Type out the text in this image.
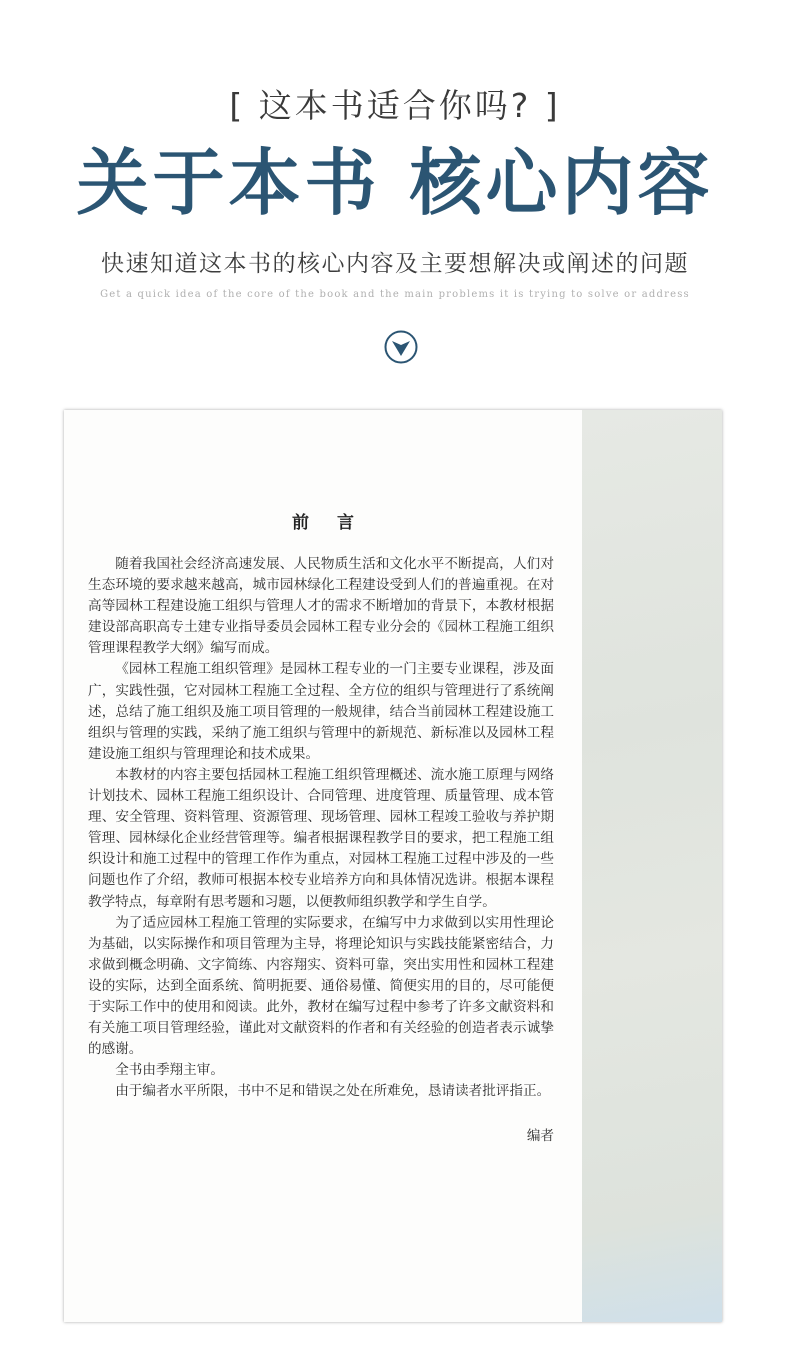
[ 这本书适合你吗? ]
关于本书 核心内容
快速知道这本书的核心内容及主要想解决或阐述的问题
Get a quick idea of the core of the book and the main problems it is trying to solve or address
前言

随着我国社会经济高速发展、人民物质生活和文化水平不断提高，人们对生态环境的要求越来越高，城市园林绿化工程建设受到人们的普遍重视。在对高等园林工程建设施工组织与管理人才的需求不断增加的背景下，本教材根据建设部高职高专土建专业指导委员会园林工程专业分会的《园林工程施工组织管理课程教学大纲》编写而成。

《园林工程施工组织管理》是园林工程专业的一门主要专业课程，涉及面广，实践性强，它对园林工程施工全过程、全方位的组织与管理进行了系统阐述，总结了施工组织及施工项目管理的一般规律，结合当前园林工程建设施工组织与管理的实践，采纳了施工组织与管理中的新规范、新标准以及园林工程建设施工组织与管理理论和技术成果。

本教材的内容主要包括园林工程施工组织管理概述、流水施工原理与网络计划技术、园林工程施工组织设计、合同管理、进度管理、质量管理、成本管理、安全管理、资料管理、资源管理、现场管理、园林工程竣工验收与养护期管理、园林绿化企业经营管理等。编者根据课程教学目的要求，把工程施工组织设计和施工过程中的管理工作作为重点，对园林工程施工过程中涉及的一些问题也作了介绍，教师可根据本校专业培养方向和具体情况选讲。根据本课程教学特点，每章附有思考题和习题，以便教师组织教学和学生自学。

为了适应园林工程施工管理的实际要求，在编写中力求做到以实用性理论为基础，以实际操作和项目管理为主导，将理论知识与实践技能紧密结合，力求做到概念明确、文字简练、内容翔实、资料可靠，突出实用性和园林工程建设的实际，达到全面系统、简明扼要、通俗易懂、简便实用的目的，尽可能便于实际工作中的使用和阅读。此外，教材在编写过程中参考了许多文献资料和有关施工项目管理经验，谨此对文献资料的作者和有关经验的创造者表示诚挚的感谢。

全书由季翔主审。

由于编者水平所限，书中不足和错误之处在所难免，恳请读者批评指正。

编者
